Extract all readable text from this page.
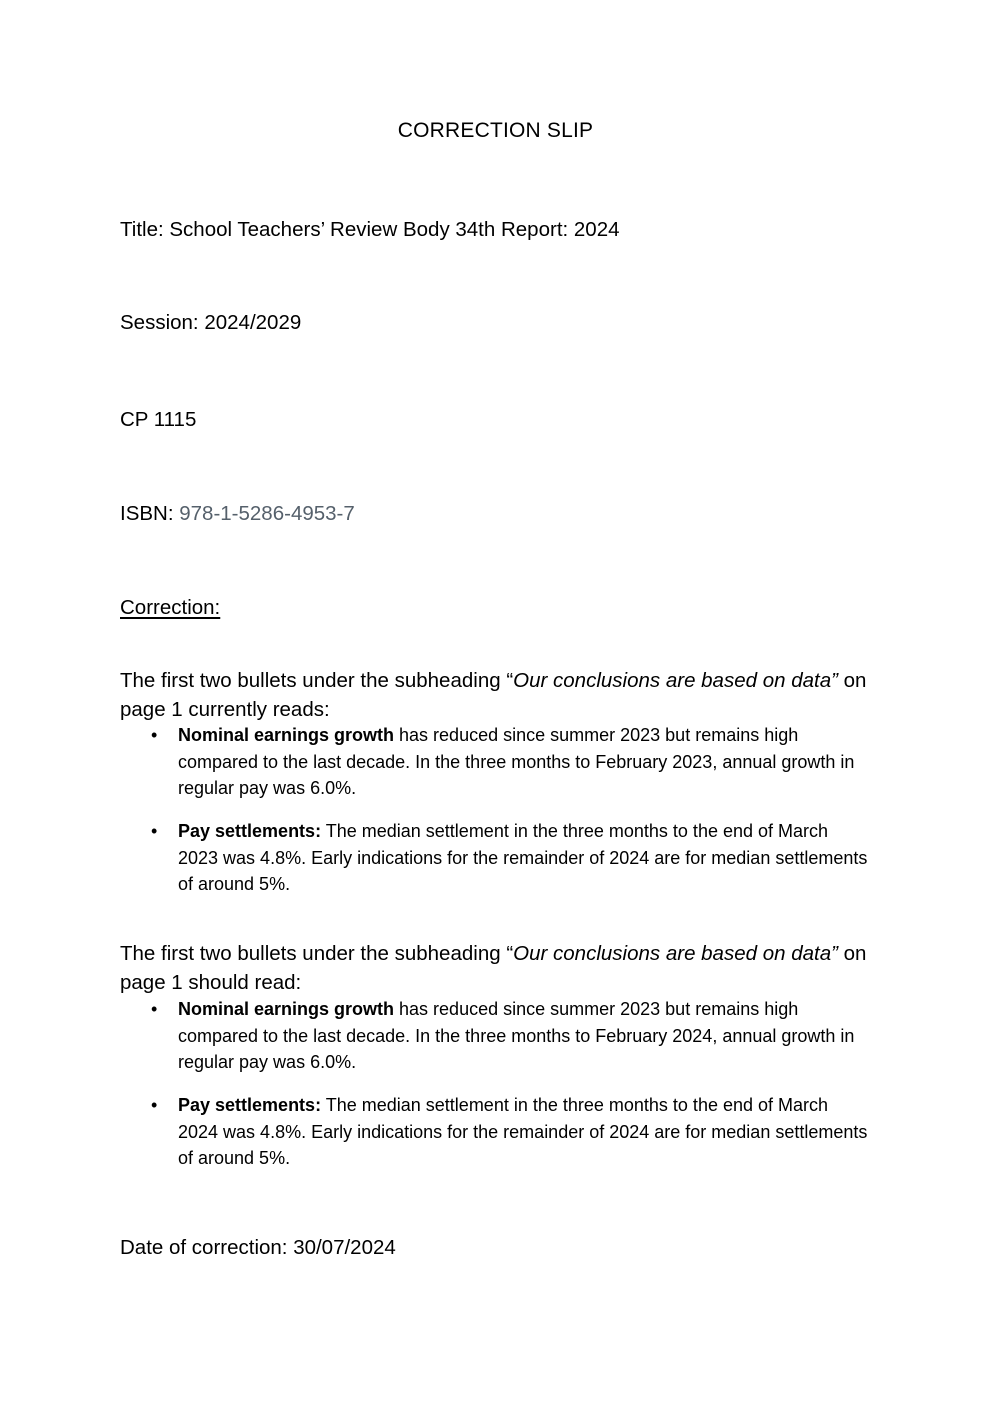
CORRECTION SLIP
Title: School Teachers’ Review Body 34th Report: 2024
Session: 2024/2029
CP 1115
ISBN: 978-1-5286-4953-7
Correction:

The first two bullets under the subheading “Our conclusions are based on data” on page 1 currently reads:

• Nominal earnings growth has reduced since summer 2023 but remains high compared to the last decade. In the three months to February 2023, annual growth in regular pay was 6.0%.
• Pay settlements: The median settlement in the three months to the end of March 2023 was 4.8%. Early indications for the remainder of 2024 are for median settlements of around 5%.

The first two bullets under the subheading “Our conclusions are based on data” on page 1 should read:

• Nominal earnings growth has reduced since summer 2023 but remains high compared to the last decade. In the three months to February 2024, annual growth in regular pay was 6.0%.
• Pay settlements: The median settlement in the three months to the end of March 2024 was 4.8%. Early indications for the remainder of 2024 are for median settlements of around 5%.
Date of correction: 30/07/2024
